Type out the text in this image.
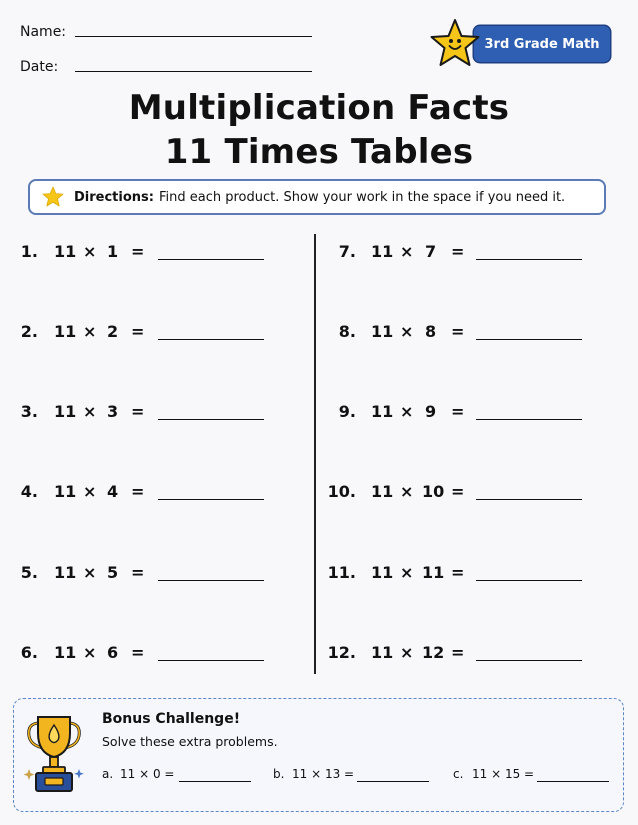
Name:
Date:
3rd Grade Math
Multiplication Facts
11 Times Tables
Directions: Find each product. Show your work in the space if you need it.
1. 11 × 1 =
2. 11 × 2 =
3. 11 × 3 =
4. 11 × 4 =
5. 11 × 5 =
6. 11 × 6 =
7. 11 × 7 =
8. 11 × 8 =
9. 11 × 9 =
10. 11 × 10 =
11. 11 × 11 =
12. 11 × 12 =
Bonus Challenge!
Solve these extra problems.
a. 11 × 0 =	b. 11 × 13 =	c. 11 × 15 =
